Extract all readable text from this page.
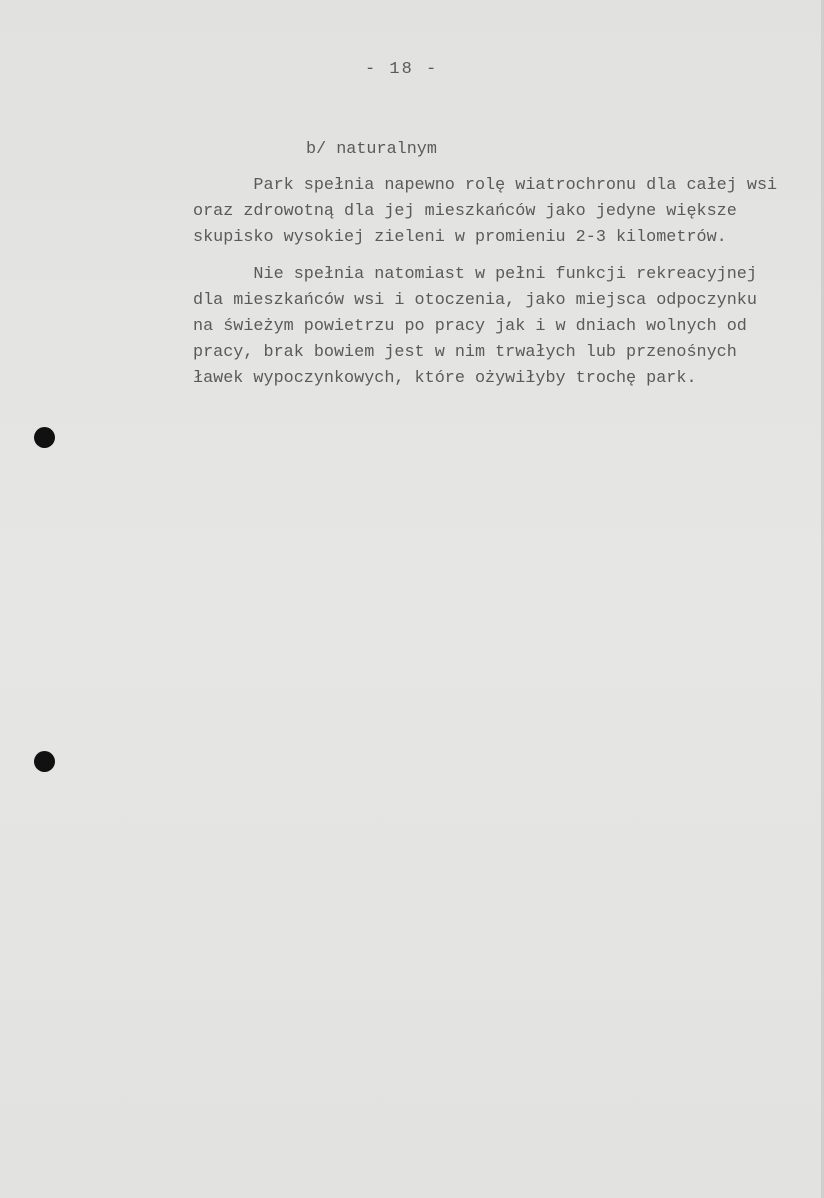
- 18 -
b/ naturalnym
Park spełnia napewno rolę wiatrochronu dla całej wsi
oraz zdrowotną dla jej mieszkańców jako jedyne większe
skupisko wysokiej zieleni w promieniu 2-3 kilometrów.
Nie spełnia natomiast w pełni funkcji rekreacyjnej
dla mieszkańców wsi i otoczenia, jako miejsca odpoczynku
na świeżym powietrzu po pracy jak i w dniach wolnych od
pracy, brak bowiem jest w nim trwałych lub przenośnych
ławek wypoczynkowych, które ożywiłyby trochę park.
